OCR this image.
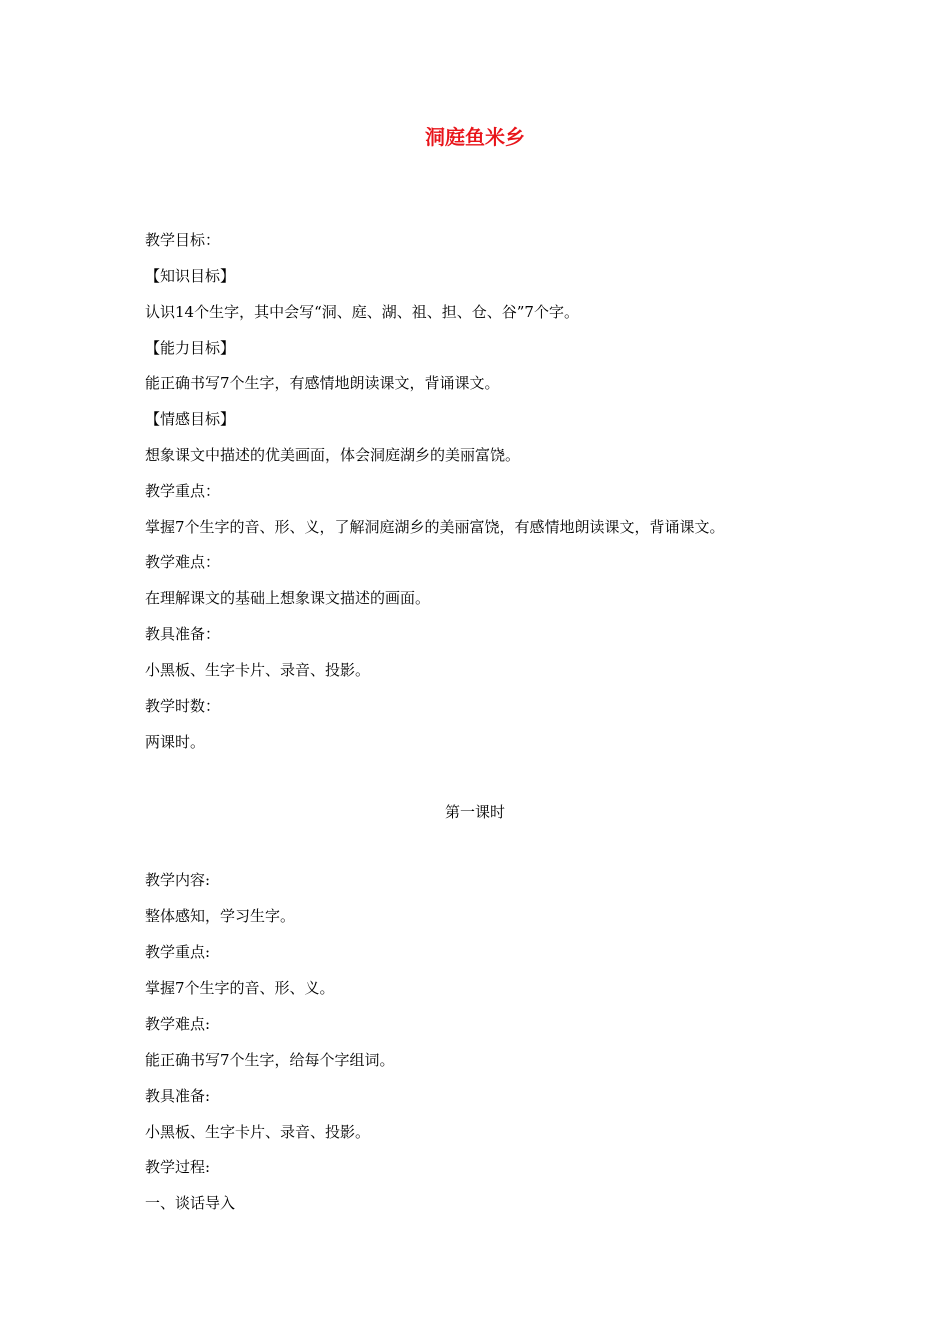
洞庭鱼米乡
教学目标：
【知识目标】
认识14个生字，其中会写“洞、庭、湖、祖、担、仓、谷”7个字。
【能力目标】
能正确书写7个生字，有感情地朗读课文，背诵课文。
【情感目标】
想象课文中描述的优美画面，体会洞庭湖乡的美丽富饶。
教学重点：
掌握7个生字的音、形、义，了解洞庭湖乡的美丽富饶，有感情地朗读课文，背诵课文。
教学难点：
在理解课文的基础上想象课文描述的画面。
教具准备：
小黑板、生字卡片、录音、投影。
教学时数：
两课时。
第一课时
教学内容:
整体感知，学习生字。
教学重点:
掌握7个生字的音、形、义。
教学难点:
能正确书写7个生字，给每个字组词。
教具准备:
小黑板、生字卡片、录音、投影。
教学过程:
一、谈话导入
